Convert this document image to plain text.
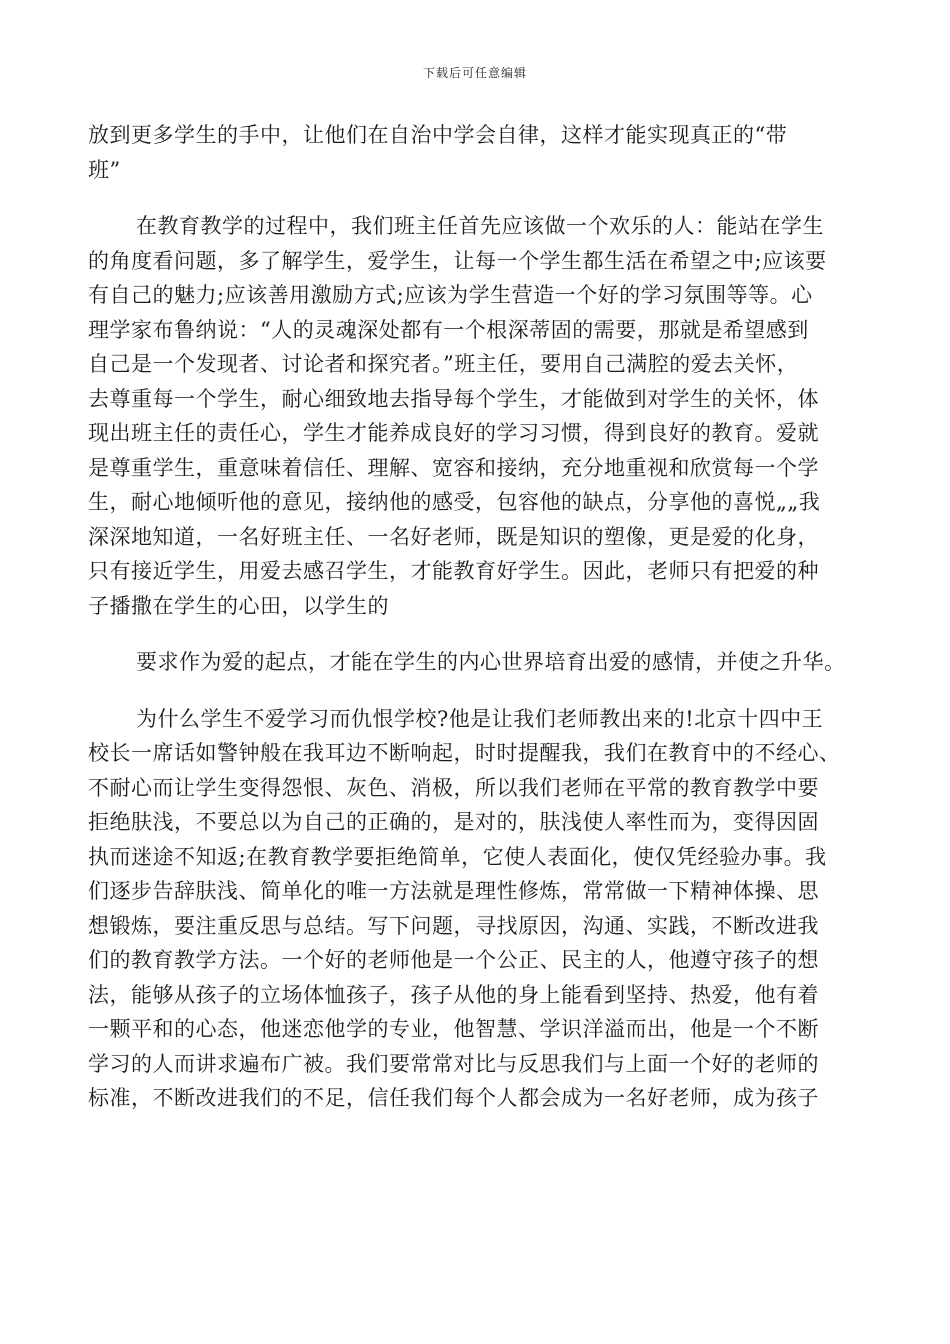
下载后可任意编辑
放到更多学生的手中，让他们在自治中学会自律，这样才能实现真正的“带
班”
在教育教学的过程中，我们班主任首先应该做一个欢乐的人：能站在学生
的角度看问题，多了解学生，爱学生，让每一个学生都生活在希望之中;应该要
有自己的魅力;应该善用激励方式;应该为学生营造一个好的学习氛围等等。心
理学家布鲁纳说：“人的灵魂深处都有一个根深蒂固的需要，那就是希望感到
自己是一个发现者、讨论者和探究者。”班主任，要用自己满腔的爱去关怀，
去尊重每一个学生，耐心细致地去指导每个学生，才能做到对学生的关怀，体
现出班主任的责任心，学生才能养成良好的学习习惯，得到良好的教育。爱就
是尊重学生，重意味着信任、理解、宽容和接纳，充分地重视和欣赏每一个学
生，耐心地倾听他的意见，接纳他的感受，包容他的缺点，分享他的喜悦„„我
深深地知道，一名好班主任、一名好老师，既是知识的塑像，更是爱的化身，
只有接近学生，用爱去感召学生，才能教育好学生。因此，老师只有把爱的种
子播撒在学生的心田，以学生的
要求作为爱的起点，才能在学生的内心世界培育出爱的感情，并使之升华。
为什么学生不爱学习而仇恨学校?他是让我们老师教出来的!北京十四中王
校长一席话如警钟般在我耳边不断响起，时时提醒我，我们在教育中的不经心、
不耐心而让学生变得怨恨、灰色、消极，所以我们老师在平常的教育教学中要
拒绝肤浅，不要总以为自己的正确的，是对的，肤浅使人率性而为，变得因固
执而迷途不知返;在教育教学要拒绝简单，它使人表面化，使仅凭经验办事。我
们逐步告辞肤浅、简单化的唯一方法就是理性修炼，常常做一下精神体操、思
想锻炼，要注重反思与总结。写下问题，寻找原因，沟通、实践，不断改进我
们的教育教学方法。一个好的老师他是一个公正、民主的人，他遵守孩子的想
法，能够从孩子的立场体恤孩子，孩子从他的身上能看到坚持、热爱，他有着
一颗平和的心态，他迷恋他学的专业，他智慧、学识洋溢而出，他是一个不断
学习的人而讲求遍布广被。我们要常常对比与反思我们与上面一个好的老师的
标准，不断改进我们的不足，信任我们每个人都会成为一名好老师，成为孩子
